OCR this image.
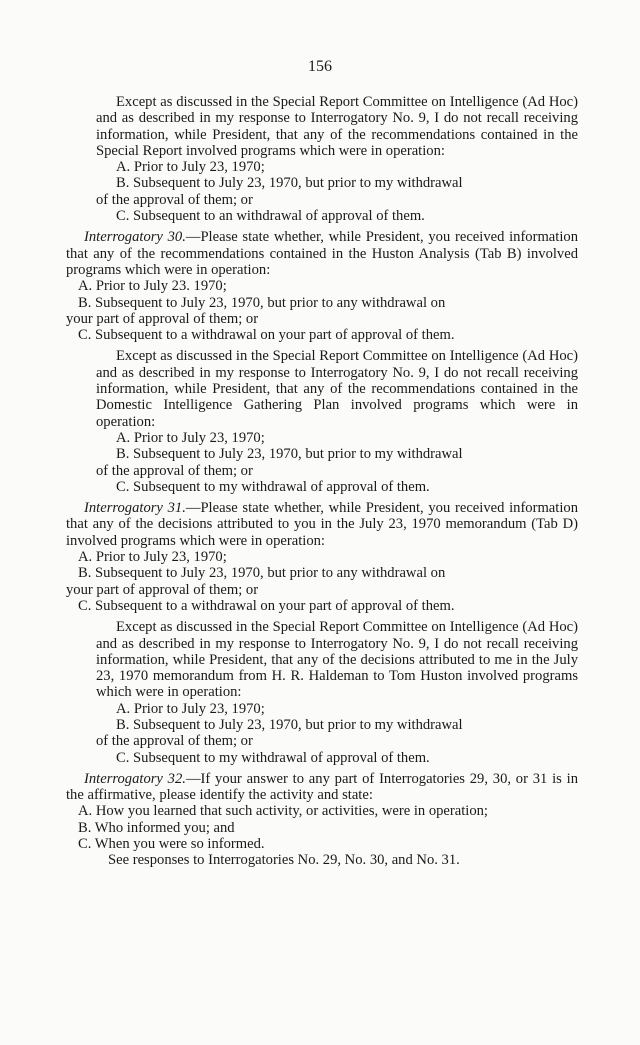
156
Except as discussed in the Special Report Committee on Intelligence (Ad Hoc) and as described in my response to Interrogatory No. 9, I do not recall receiving information, while President, that any of the recommendations contained in the Special Report involved programs which were in operation:
A. Prior to July 23, 1970;
B. Subsequent to July 23, 1970, but prior to my withdrawal
of the approval of them; or
C. Subsequent to an withdrawal of approval of them.
Interrogatory 30.—Please state whether, while President, you received information that any of the recommendations contained in the Huston Analysis (Tab B) involved programs which were in operation:
A. Prior to July 23. 1970;
B. Subsequent to July 23, 1970, but prior to any withdrawal on
your part of approval of them; or
C. Subsequent to a withdrawal on your part of approval of them.
Except as discussed in the Special Report Committee on Intelligence (Ad Hoc) and as described in my response to Interrogatory No. 9, I do not recall receiving information, while President, that any of the recommendations contained in the Domestic Intelligence Gathering Plan involved programs which were in operation:
A. Prior to July 23, 1970;
B. Subsequent to July 23, 1970, but prior to my withdrawal
of the approval of them; or
C. Subsequent to my withdrawal of approval of them.
Interrogatory 31.—Please state whether, while President, you received information that any of the decisions attributed to you in the July 23, 1970 memorandum (Tab D) involved programs which were in operation:
A. Prior to July 23, 1970;
B. Subsequent to July 23, 1970, but prior to any withdrawal on
your part of approval of them; or
C. Subsequent to a withdrawal on your part of approval of them.
Except as discussed in the Special Report Committee on Intelligence (Ad Hoc) and as described in my response to Interrogatory No. 9, I do not recall receiving information, while President, that any of the decisions attributed to me in the July 23, 1970 memorandum from H. R. Haldeman to Tom Huston involved programs which were in operation:
A. Prior to July 23, 1970;
B. Subsequent to July 23, 1970, but prior to my withdrawal
of the approval of them; or
C. Subsequent to my withdrawal of approval of them.
Interrogatory 32.—If your answer to any part of Interrogatories 29, 30, or 31 is in the affirmative, please identify the activity and state:
A. How you learned that such activity, or activities, were in operation;
B. Who informed you; and
C. When you were so informed.
See responses to Interrogatories No. 29, No. 30, and No. 31.
